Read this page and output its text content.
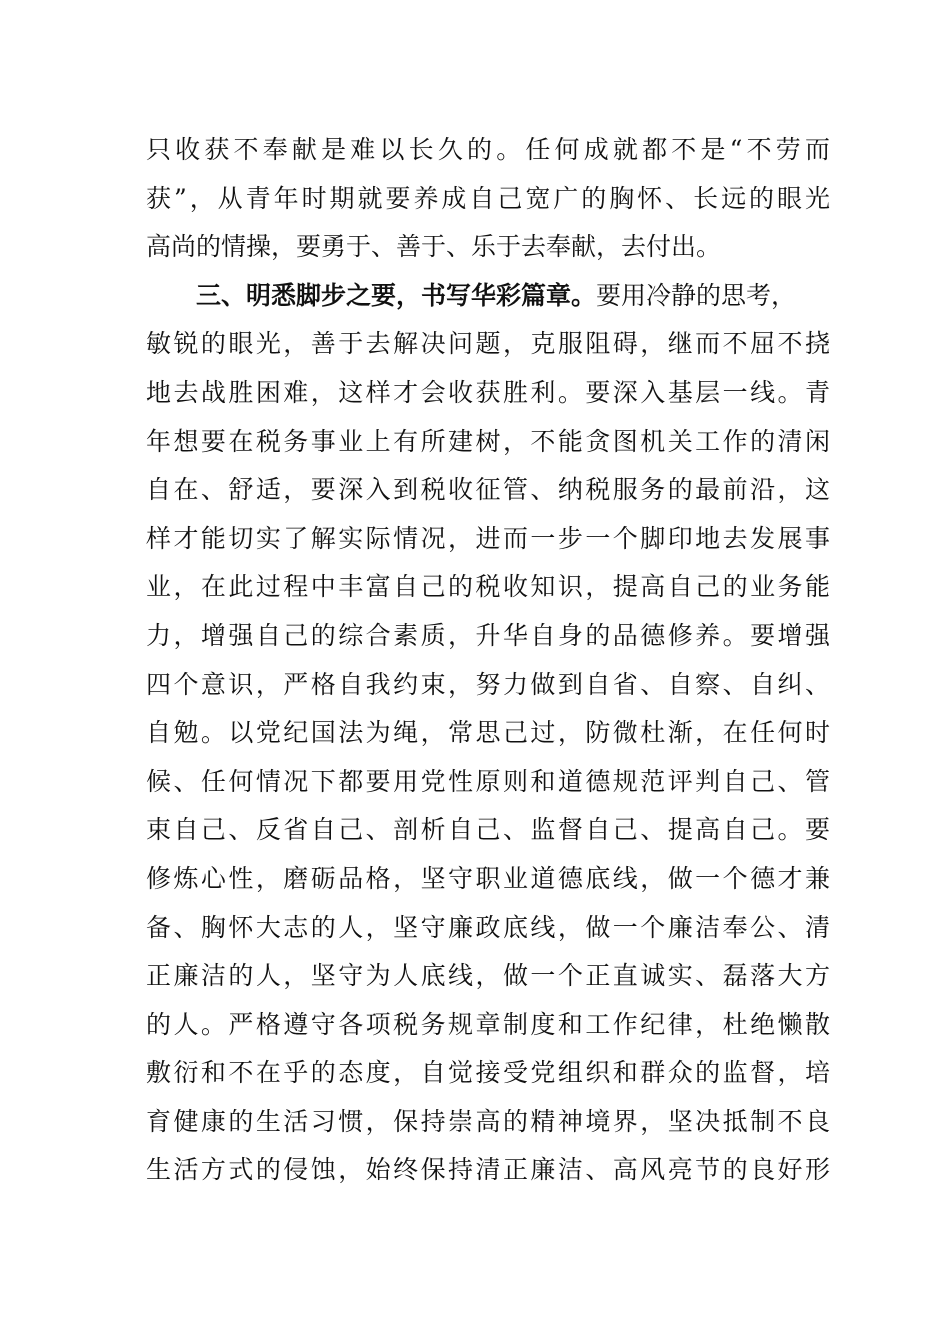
只收获不奉献是难以长久的。任何成就都不是“不劳而
获”，从青年时期就要养成自己宽广的胸怀、长远的眼光
高尚的情操，要勇于、善于、乐于去奉献，去付出。
三、明悉脚步之要，书写华彩篇章。要用冷静的思考，
敏锐的眼光，善于去解决问题，克服阻碍，继而不屈不挠
地去战胜困难，这样才会收获胜利。要深入基层一线。青
年想要在税务事业上有所建树，不能贪图机关工作的清闲
自在、舒适，要深入到税收征管、纳税服务的最前沿，这
样才能切实了解实际情况，进而一步一个脚印地去发展事
业，在此过程中丰富自己的税收知识，提高自己的业务能
力，增强自己的综合素质，升华自身的品德修养。要增强
四个意识，严格自我约束，努力做到自省、自察、自纠、
自勉。以党纪国法为绳，常思己过，防微杜渐，在任何时
候、任何情况下都要用党性原则和道德规范评判自己、管
束自己、反省自己、剖析自己、监督自己、提高自己。要
修炼心性，磨砺品格，坚守职业道德底线，做一个德才兼
备、胸怀大志的人，坚守廉政底线，做一个廉洁奉公、清
正廉洁的人，坚守为人底线，做一个正直诚实、磊落大方
的人。严格遵守各项税务规章制度和工作纪律，杜绝懒散
敷衍和不在乎的态度，自觉接受党组织和群众的监督，培
育健康的生活习惯，保持崇高的精神境界，坚决抵制不良
生活方式的侵蚀，始终保持清正廉洁、高风亮节的良好形
